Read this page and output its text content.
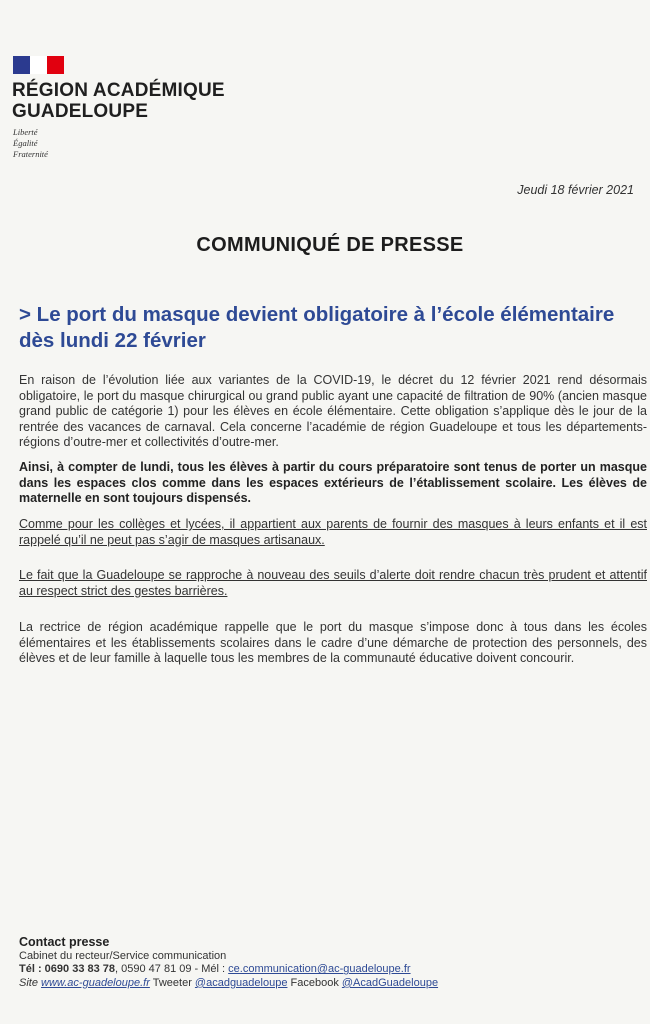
RÉGION ACADÉMIQUE
GUADELOUPE
Liberté
Égalité
Fraternité
Jeudi 18 février 2021
COMMUNIQUÉ DE PRESSE
> Le port du masque devient obligatoire à l’école élémentaire dès lundi 22 février
En raison de l’évolution liée aux variantes de la COVID-19, le décret du 12 février 2021 rend désormais obligatoire, le port du masque chirurgical ou grand public ayant une capacité de filtration de 90% (ancien masque grand public de catégorie 1) pour les élèves en école élémentaire. Cette obligation s’applique dès le jour de la rentrée des vacances de carnaval. Cela concerne l’académie de région Guadeloupe et tous les départements-régions d’outre-mer et collectivités d’outre-mer.
Ainsi, à compter de lundi, tous les élèves à partir du cours préparatoire sont tenus de porter un masque dans les espaces clos comme dans les espaces extérieurs de l’établissement scolaire. Les élèves de maternelle en sont toujours dispensés.
Comme pour les collèges et lycées, il appartient aux parents de fournir des masques à leurs enfants et il est rappelé qu’il ne peut pas s’agir de masques artisanaux.
Le fait que la Guadeloupe se rapproche à nouveau des seuils d’alerte doit rendre chacun très prudent et attentif au respect strict des gestes barrières.
La rectrice de région académique rappelle que le port du masque s’impose donc à tous dans les écoles élémentaires et les établissements scolaires dans le cadre d’une démarche de protection des personnels, des élèves et de leur famille à laquelle tous les membres de la communauté éducative doivent concourir.
Contact presse
Cabinet du recteur/Service communication
Tél : 0690 33 83 78, 0590 47 81 09 - Mél : ce.communication@ac-guadeloupe.fr
Site www.ac-guadeloupe.fr Tweeter @acadguadeloupe Facebook @AcadGuadeloupe
